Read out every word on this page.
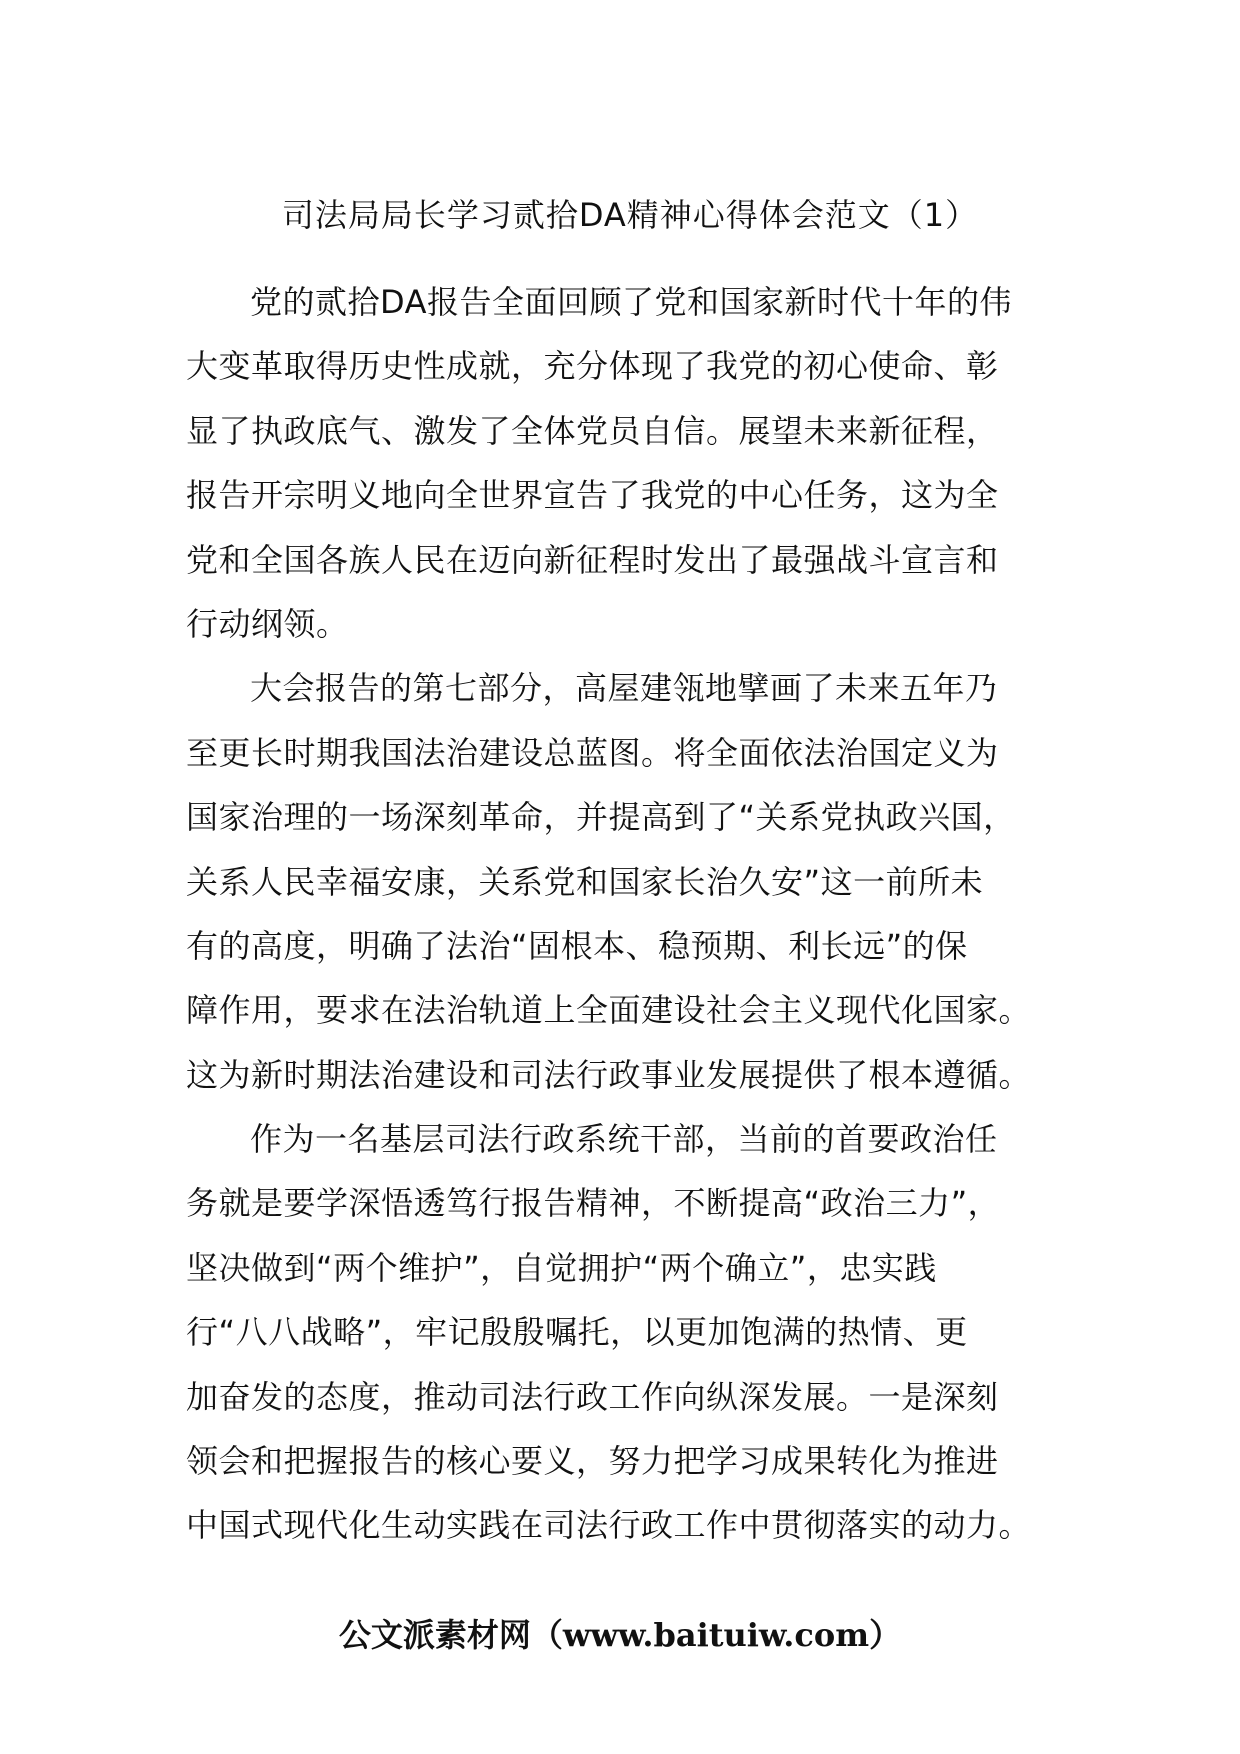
司法局局长学习贰拾DA精神心得体会范文（1）
党的贰拾DA报告全面回顾了党和国家新时代十年的伟
大变革取得历史性成就，充分体现了我党的初心使命、彰
显了执政底气、激发了全体党员自信。展望未来新征程，
报告开宗明义地向全世界宣告了我党的中心任务，这为全
党和全国各族人民在迈向新征程时发出了最强战斗宣言和
行动纲领。
大会报告的第七部分，高屋建瓴地擘画了未来五年乃
至更长时期我国法治建设总蓝图。将全面依法治国定义为
国家治理的一场深刻革命，并提高到了“关系党执政兴国，
关系人民幸福安康，关系党和国家长治久安”这一前所未
有的高度，明确了法治“固根本、稳预期、利长远”的保
障作用，要求在法治轨道上全面建设社会主义现代化国家。
这为新时期法治建设和司法行政事业发展提供了根本遵循。
作为一名基层司法行政系统干部，当前的首要政治任
务就是要学深悟透笃行报告精神，不断提高“政治三力”，
坚决做到“两个维护”，自觉拥护“两个确立”，忠实践
行“八八战略”，牢记殷殷嘱托，以更加饱满的热情、更
加奋发的态度，推动司法行政工作向纵深发展。一是深刻
领会和把握报告的核心要义，努力把学习成果转化为推进
中国式现代化生动实践在司法行政工作中贯彻落实的动力。
公文派素材网（www.baituiw.com）
